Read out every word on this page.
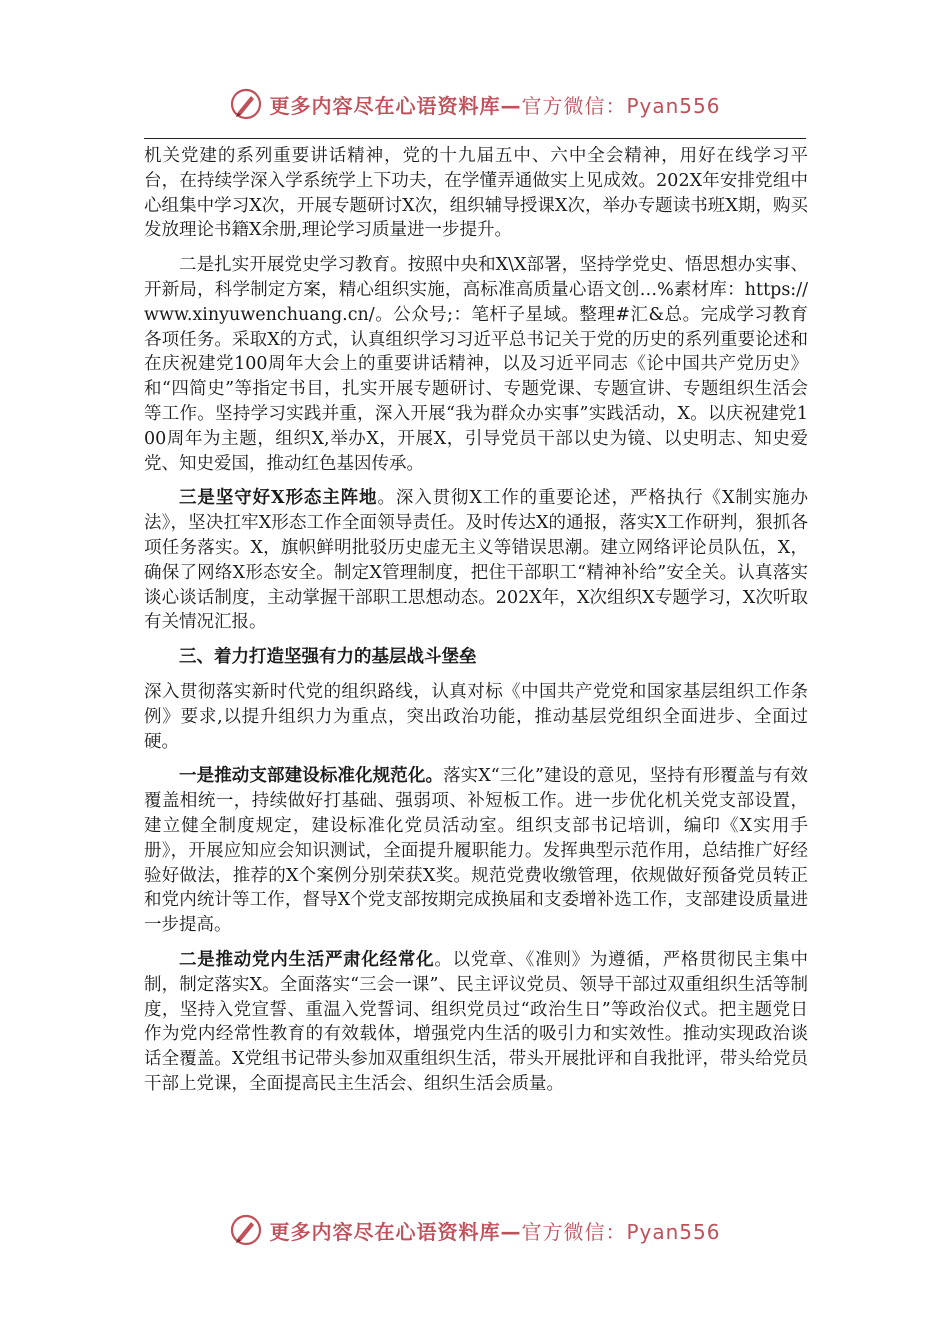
更多内容尽在心语资料库—官方微信：Pyan556

机关党建的系列重要讲话精神，党的十九届五中、六中全会精神，用好在线学习平台，在持续学深入学系统学上下功夫，在学懂弄通做实上见成效。202X年安排党组中心组集中学习X次，开展专题研讨X次，组织辅导授课X次，举办专题读书班X期，购买发放理论书籍X余册,理论学习质量进一步提升。

二是扎实开展党史学习教育。按照中央和X\X部署，坚持学党史、悟思想办实事、开新局，科学制定方案，精心组织实施，高标准高质量心语文创…%素材库：https://www.xinyuwenchuang.cn/。公众号;：笔杆子星域。整理#汇&总。完成学习教育各项任务。采取X的方式，认真组织学习习近平总书记关于党的历史的系列重要论述和在庆祝建党100周年大会上的重要讲话精神，以及习近平同志《论中国共产党历史》和“四简史”等指定书目，扎实开展专题研讨、专题党课、专题宣讲、专题组织生活会等工作。坚持学习实践并重，深入开展“我为群众办实事”实践活动，X。以庆祝建党100周年为主题，组织X,举办X，开展X，引导党员干部以史为镜、以史明志、知史爱党、知史爱国，推动红色基因传承。

三是坚守好X形态主阵地。深入贯彻X工作的重要论述，严格执行《X制实施办法》，坚决扛牢X形态工作全面领导责任。及时传达X的通报，落实X工作研判，狠抓各项任务落实。X，旗帜鲜明批驳历史虚无主义等错误思潮。建立网络评论员队伍，X，确保了网络X形态安全。制定X管理制度，把住干部职工“精神补给”安全关。认真落实谈心谈话制度，主动掌握干部职工思想动态。202X年，X次组织X专题学习，X次听取有关情况汇报。

三、着力打造坚强有力的基层战斗堡垒

深入贯彻落实新时代党的组织路线，认真对标《中国共产党党和国家基层组织工作条例》要求,以提升组织力为重点，突出政治功能，推动基层党组织全面进步、全面过硬。

一是推动支部建设标准化规范化。落实X“三化”建设的意见，坚持有形覆盖与有效覆盖相统一，持续做好打基础、强弱项、补短板工作。进一步优化机关党支部设置，建立健全制度规定，建设标准化党员活动室。组织支部书记培训，编印《X实用手册》，开展应知应会知识测试，全面提升履职能力。发挥典型示范作用，总结推广好经验好做法，推荐的X个案例分别荣获X奖。规范党费收缴管理，依规做好预备党员转正和党内统计等工作，督导X个党支部按期完成换届和支委增补选工作，支部建设质量进一步提高。

二是推动党内生活严肃化经常化。以党章、《准则》为遵循，严格贯彻民主集中制，制定落实X。全面落实“三会一课”、民主评议党员、领导干部过双重组织生活等制度，坚持入党宣誓、重温入党誓词、组织党员过“政治生日”等政治仪式。把主题党日作为党内经常性教育的有效载体，增强党内生活的吸引力和实效性。推动实现政治谈话全覆盖。X党组书记带头参加双重组织生活，带头开展批评和自我批评，带头给党员干部上党课，全面提高民主生活会、组织生活会质量。

更多内容尽在心语资料库—官方微信：Pyan556
